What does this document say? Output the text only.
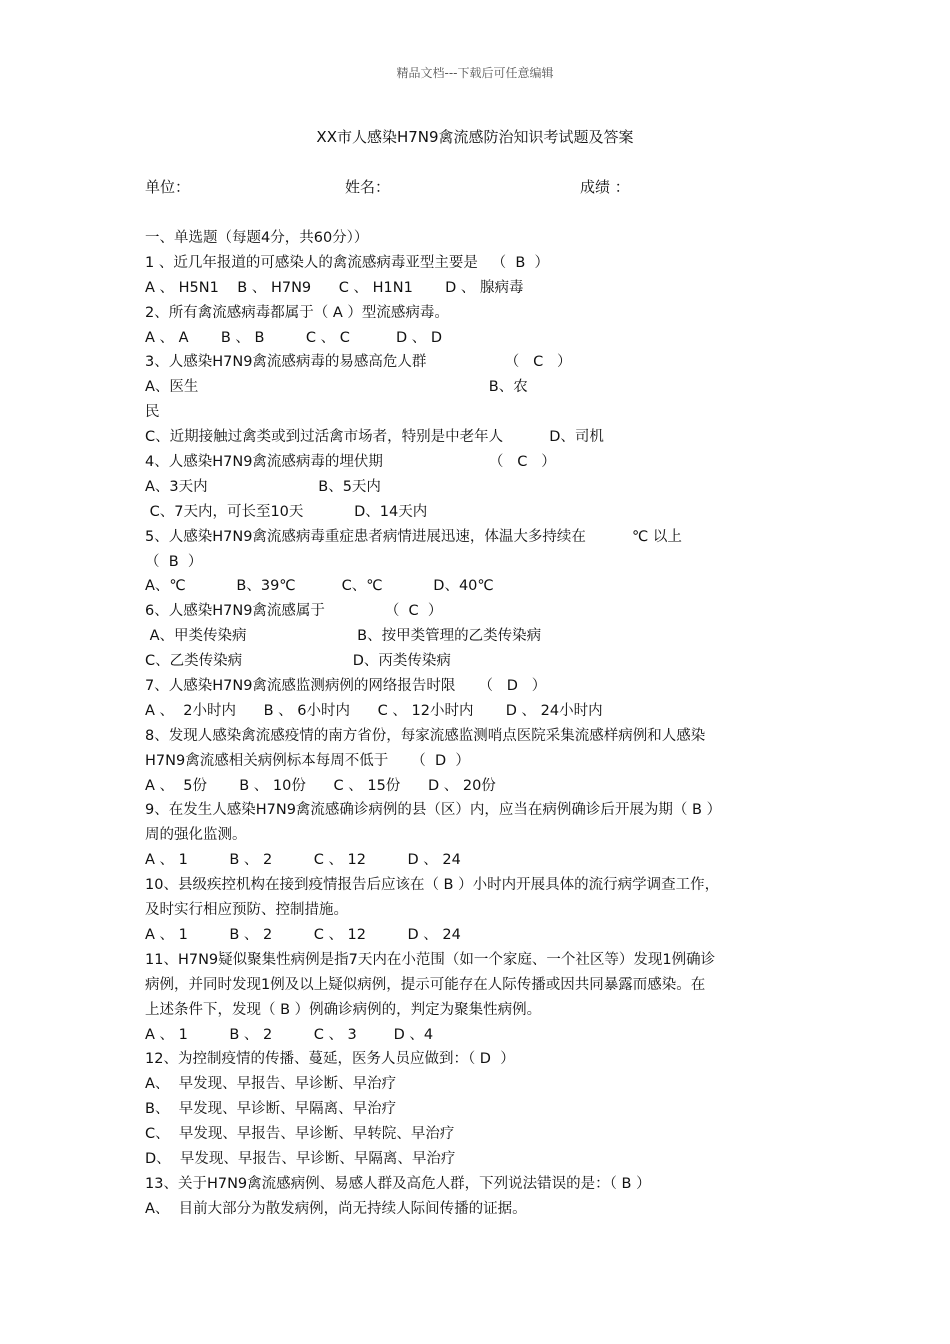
精品文档---下载后可任意编辑
XX市人感染H7N9禽流感防治知识考试题及答案
单位：	姓名：	成绩 ：
一、单选题（每题4分，共60分））
1 、近几年报道的可感染人的禽流感病毒亚型主要是   （  B  ）
A 、 H5N1    B 、 H7N9      C 、 H1N1       D 、 腺病毒
2、所有禽流感病毒都属于（ A ）型流感病毒。
A 、 A       B 、 B         C 、 C          D 、 D
3、人感染H7N9禽流感病毒的易感高危人群                 （   C   ）
A、医生                                                               B、农
民
C、近期接触过禽类或到过活禽市场者，特别是中老年人          D、司机
4、人感染H7N9禽流感病毒的埋伏期                       （   C   ）
A、3天内                        B、5天内
C、7天内，可长至10天           D、14天内
5、人感染H7N9禽流感病毒重症患者病情进展迅速，体温大多持续在          ℃ 以上
（  B  ）
A、℃           B、39℃          C、℃           D、40℃
6、人感染H7N9禽流感属于             （  C  ）
A、甲类传染病                        B、按甲类管理的乙类传染病
C、乙类传染病                        D、丙类传染病
7、人感染H7N9禽流感监测病例的网络报告时限     （   D   ）
A 、  2小时内      B 、 6小时内      C 、 12小时内       D 、 24小时内
8、发现人感染禽流感疫情的南方省份，每家流感监测哨点医院采集流感样病例和人感染
H7N9禽流感相关病例标本每周不低于     （  D  ）
A 、  5份       B 、 10份      C 、 15份      D 、 20份
9、在发生人感染H7N9禽流感确诊病例的县（区）内，应当在病例确诊后开展为期（ B ）
周的强化监测。
A 、 1         B 、 2         C 、 12         D 、 24
10、县级疾控机构在接到疫情报告后应该在（ B ）小时内开展具体的流行病学调查工作，
及时实行相应预防、控制措施。
A 、 1         B 、 2         C 、 12         D 、 24
11、H7N9疑似聚集性病例是指7天内在小范围（如一个家庭、一个社区等）发现1例确诊
病例，并同时发现1例及以上疑似病例，提示可能存在人际传播或因共同暴露而感染。在
上述条件下，发现（ B ）例确诊病例的，判定为聚集性病例。
A 、 1         B 、 2         C 、 3        D 、4
12、为控制疫情的传播、蔓延，医务人员应做到：（ D  ）
A、  早发现、早报告、早诊断、早治疗
B、  早发现、早诊断、早隔离、早治疗
C、  早发现、早报告、早诊断、早转院、早治疗
D、  早发现、早报告、早诊断、早隔离、早治疗
13、关于H7N9禽流感病例、易感人群及高危人群，下列说法错误的是：（ B ）
A、  目前大部分为散发病例，尚无持续人际间传播的证据。
